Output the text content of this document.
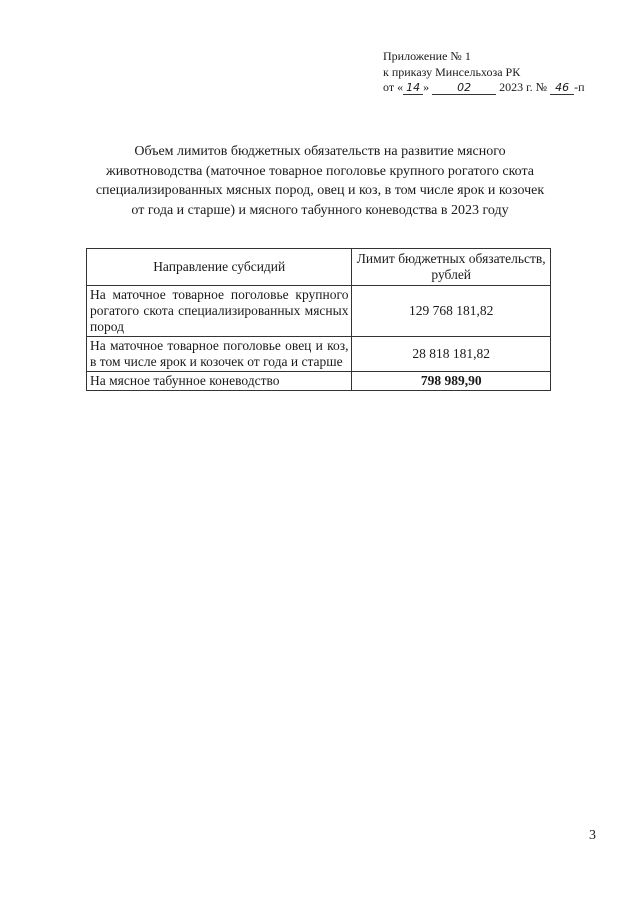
Приложение № 1
к приказу Минсельхоза РК
от « 14 »	02 2023 г. № 46 -п
Объем лимитов бюджетных обязательств на развитие мясного
животноводства (маточное товарное поголовье крупного рогатого скота
специализированных мясных пород, овец и коз, в том числе ярок и козочек
от года и старше) и мясного табунного коневодства в 2023 году
Направление субсидий	Лимит бюджетных обязательств, рублей
На маточное товарное поголовье крупного рогатого скота специализированных мясных пород	129 768 181,82
На маточное товарное поголовье овец и коз, в том числе ярок и козочек от года и старше	28 818 181,82
На мясное табунное коневодство	798 989,90
3
